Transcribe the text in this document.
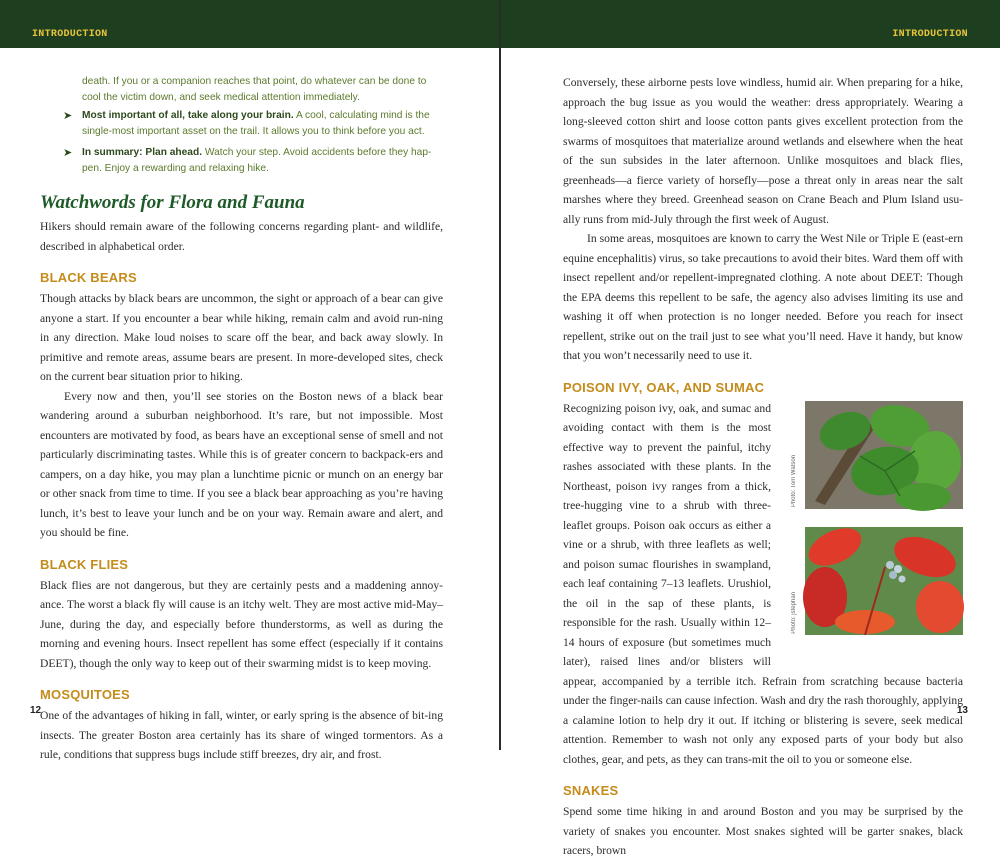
INTRODUCTION

death. If you or a companion reaches that point, do whatever can be done to cool the victim down, and seek medical attention immediately.

➤ Most important of all, take along your brain. A cool, calculating mind is the single-most important asset on the trail. It allows you to think before you act.
➤ In summary: Plan ahead. Watch your step. Avoid accidents before they hap-pen. Enjoy a rewarding and relaxing hike.
Watchwords for Flora and Fauna

Hikers should remain aware of the following concerns regarding plant- and wildlife, described in alphabetical order.

BLACK BEARS

Though attacks by black bears are uncommon, the sight or approach of a bear can give anyone a start. If you encounter a bear while hiking, remain calm and avoid run-ning in any direction. Make loud noises to scare off the bear, and back away slowly. In primitive and remote areas, assume bears are present. In more-developed sites, check on the current bear situation prior to hiking.

Every now and then, you’ll see stories on the Boston news of a black bear wandering around a suburban neighborhood. It’s rare, but not impossible. Most encounters are motivated by food, as bears have an exceptional sense of smell and not particularly discriminating tastes. While this is of greater concern to backpack-ers and campers, on a day hike, you may plan a lunchtime picnic or munch on an energy bar or other snack from time to time. If you see a black bear approaching as you’re having lunch, it’s best to leave your lunch and be on your way. Remain aware and alert, and you should be fine.

BLACK FLIES

Black flies are not dangerous, but they are certainly pests and a maddening annoy-ance. The worst a black fly will cause is an itchy welt. They are most active mid-May–June, during the day, and especially before thunderstorms, as well as during the morning and evening hours. Insect repellent has some effect (especially if it contains DEET), though the only way to keep out of their swarming midst is to keep moving.

MOSQUITOES

One of the advantages of hiking in fall, winter, or early spring is the absence of bit-ing insects. The greater Boston area certainly has its share of winged tormentors. As a rule, conditions that suppress bugs include stiff breezes, dry air, and frost.

12
INTRODUCTION

Conversely, these airborne pests love windless, humid air. When preparing for a hike, approach the bug issue as you would the weather: dress appropriately. Wearing a long-sleeved cotton shirt and loose cotton pants gives excellent protection from the swarms of mosquitoes that materialize around wetlands and elsewhere when the heat of the sun subsides in the later afternoon. Unlike mosquitoes and black flies, greenheads—a fierce variety of horsefly—pose a threat only in areas near the salt marshes where they breed. Greenhead season on Crane Beach and Plum Island usu-ally runs from mid-July through the first week of August.

In some areas, mosquitoes are known to carry the West Nile or Triple E (east-ern equine encephalitis) virus, so take precautions to avoid their bites. Ward them off with insect repellent and/or repellent-impregnated clothing. A note about DEET: Though the EPA deems this repellent to be safe, the agency also advises limiting its use and washing it off when protection is no longer needed. Before you reach for insect repellent, strike out on the trail just to see what you’ll need. Have it handy, but know that you won’t necessarily need to use it.

POISON IVY, OAK, AND SUMAC
Photo: Tom Watson
Photo: jstephan

Recognizing poison ivy, oak, and sumac and avoiding contact with them is the most effective way to prevent the painful, itchy rashes associated with these plants. In the Northeast, poison ivy ranges from a thick, tree-hugging vine to a shrub with three-leaflet groups. Poison oak occurs as either a vine or a shrub, with three leaflets as well; and poison sumac flourishes in swampland, each leaf containing 7–13 leaflets. Urushiol, the oil in the sap of these plants, is responsible for the rash. Usually within 12–14 hours of exposure (but sometimes much later), raised lines and/or blisters will appear, accompanied by a terrible itch. Refrain from scratching because bacteria under the finger-nails can cause infection. Wash and dry the rash thoroughly, applying a calamine lotion to help dry it out. If itching or blistering is severe, seek medical attention. Remember to wash not only any exposed parts of your body but also clothes, gear, and pets, as they can trans-mit the oil to you or someone else.

SNAKES

Spend some time hiking in and around Boston and you may be surprised by the variety of snakes you encounter. Most snakes sighted will be garter snakes, black racers, brown

13
